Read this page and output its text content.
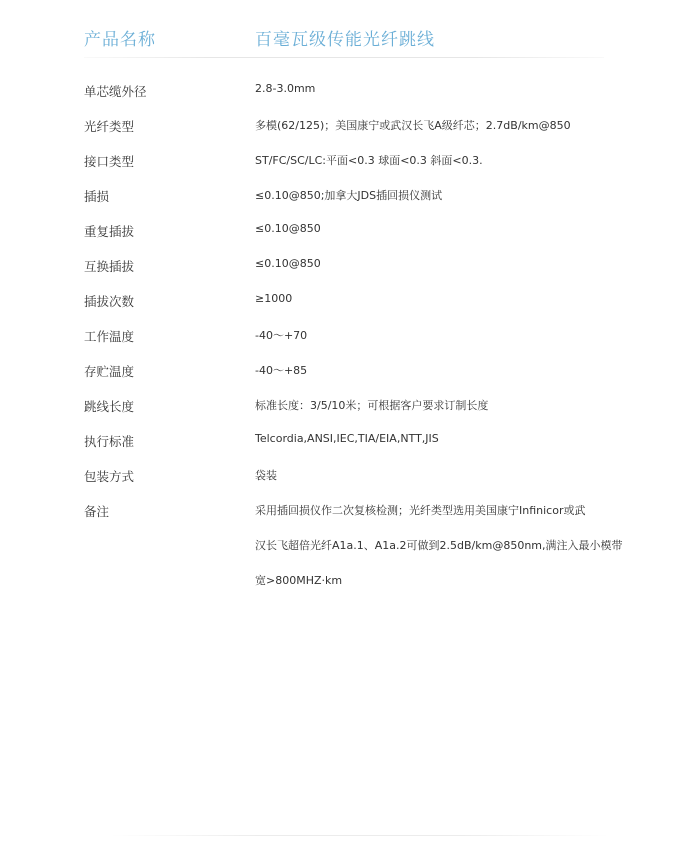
产品名称	百毫瓦级传能光纤跳线
单芯缆外径	2.8-3.0mm
光纤类型	多模(62/125)；美国康宁或武汉长飞A级纤芯；2.7dB/km@850
接口类型	ST/FC/SC/LC:平面<0.3 球面<0.3 斜面<0.3.
插损	≤0.10@850;加拿大JDS插回损仪测试
重复插拔	≤0.10@850
互换插拔	≤0.10@850
插拔次数	≥1000
工作温度	-40～+70
存贮温度	-40～+85
跳线长度	标准长度：3/5/10米；可根据客户要求订制长度
执行标准	Telcordia,ANSI,IEC,TIA/EIA,NTT,JIS
包装方式	袋装
备注	采用插回损仪作二次复核检测；光纤类型选用美国康宁Infinicor或武
汉长飞超倍光纤A1a.1、A1a.2可做到2.5dB/km@850nm,满注入最小模带
宽>800MHZ·km
